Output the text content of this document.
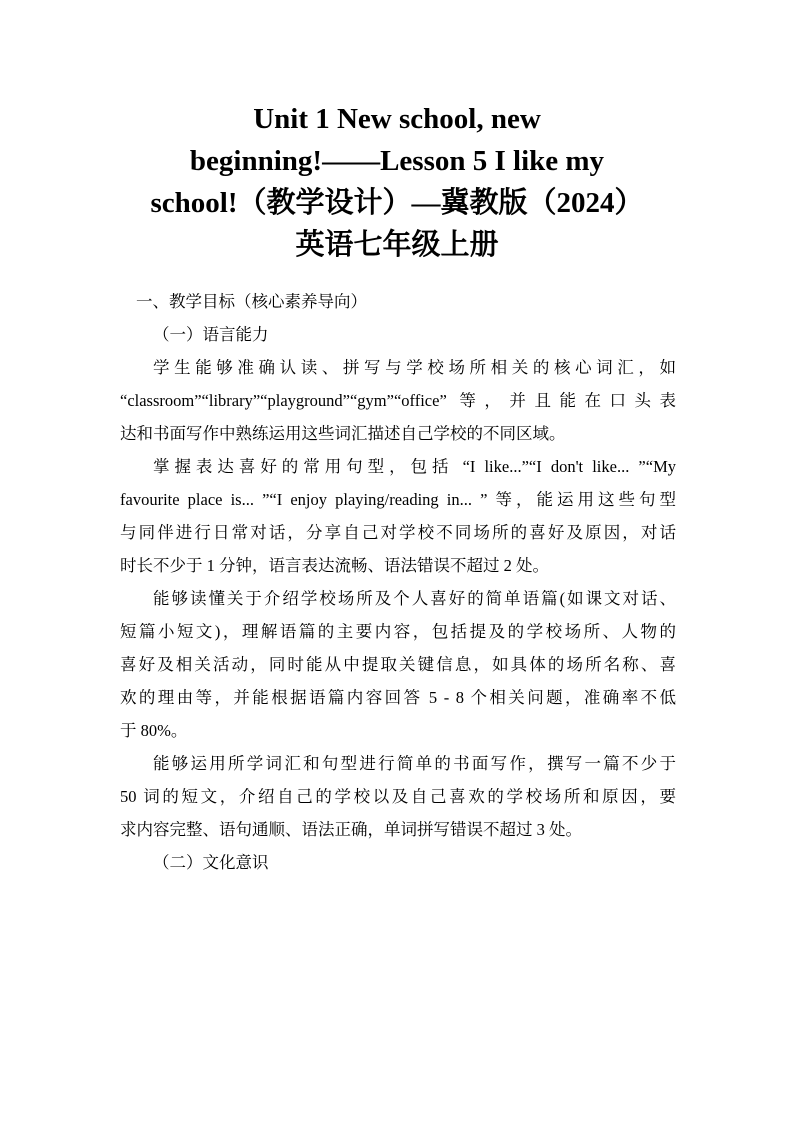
Unit 1 New school, new
beginning!——Lesson 5 I like my
school!（教学设计）—冀教版（2024）
英语七年级上册
一、教学目标（核心素养导向）
（一）语言能力
学生能够准确认读、拼写与学校场所相关的核心词汇，如
“classroom”“library”“playground”“gym”“office” 等，并且能在口头表
达和书面写作中熟练运用这些词汇描述自己学校的不同区域。
掌握表达喜好的常用句型，包括 “I like...”“I don't like... ”“My
favourite place is... ”“I enjoy playing/reading in... ” 等，能运用这些句型
与同伴进行日常对话，分享自己对学校不同场所的喜好及原因，对话
时长不少于 1 分钟，语言表达流畅、语法错误不超过 2 处。
能够读懂关于介绍学校场所及个人喜好的简单语篇(如课文对话、
短篇小短文)，理解语篇的主要内容，包括提及的学校场所、人物的
喜好及相关活动，同时能从中提取关键信息，如具体的场所名称、喜
欢的理由等，并能根据语篇内容回答 5 - 8 个相关问题，准确率不低
于 80%。
能够运用所学词汇和句型进行简单的书面写作，撰写一篇不少于
50 词的短文，介绍自己的学校以及自己喜欢的学校场所和原因，要
求内容完整、语句通顺、语法正确，单词拼写错误不超过 3 处。
（二）文化意识
